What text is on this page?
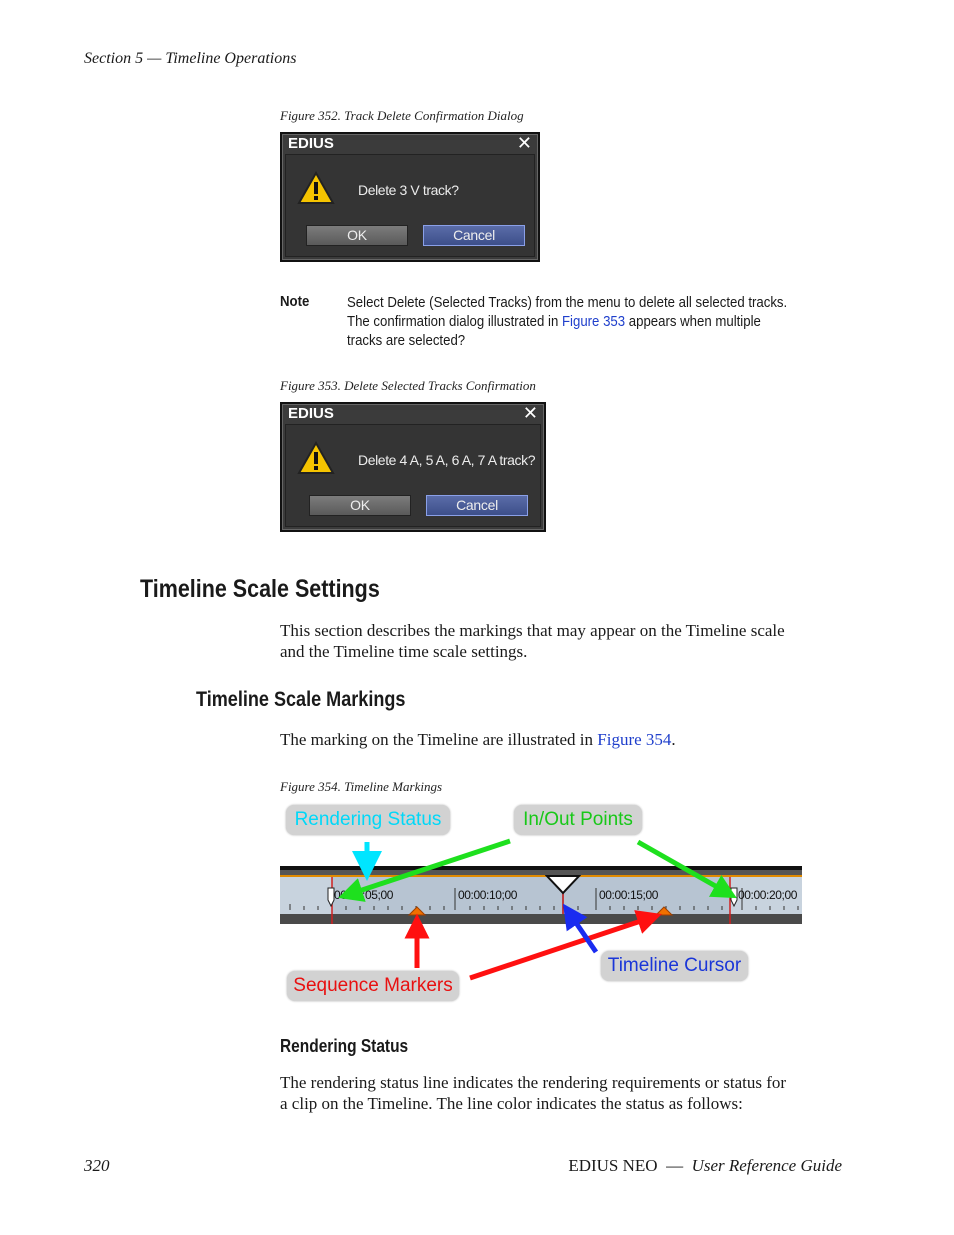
Section 5 — Timeline Operations
Figure 352. Track Delete Confirmation Dialog
EDIUS	✕
Delete 3 V track?
OK	Cancel
Note	Select Delete (Selected Tracks) from the menu to delete all selected tracks.
The confirmation dialog illustrated in Figure 353 appears when multiple
tracks are selected?
Figure 353. Delete Selected Tracks Confirmation
EDIUS	✕
Delete 4 A, 5 A, 6 A, 7 A track?
OK	Cancel
Timeline Scale Settings
This section describes the markings that may appear on the Timeline scale
and the Timeline time scale settings.
Timeline Scale Markings
The marking on the Timeline are illustrated in Figure 354.
Figure 354. Timeline Markings
00:00:05;00	00:00:10;00	00:00:15;00	00:00:20;00
Rendering Status	In/Out Points
Sequence Markers
Timeline Cursor
Rendering Status
The rendering status line indicates the rendering requirements or status for
a clip on the Timeline. The line color indicates the status as follows:
320	EDIUS NEO — User Reference Guide
